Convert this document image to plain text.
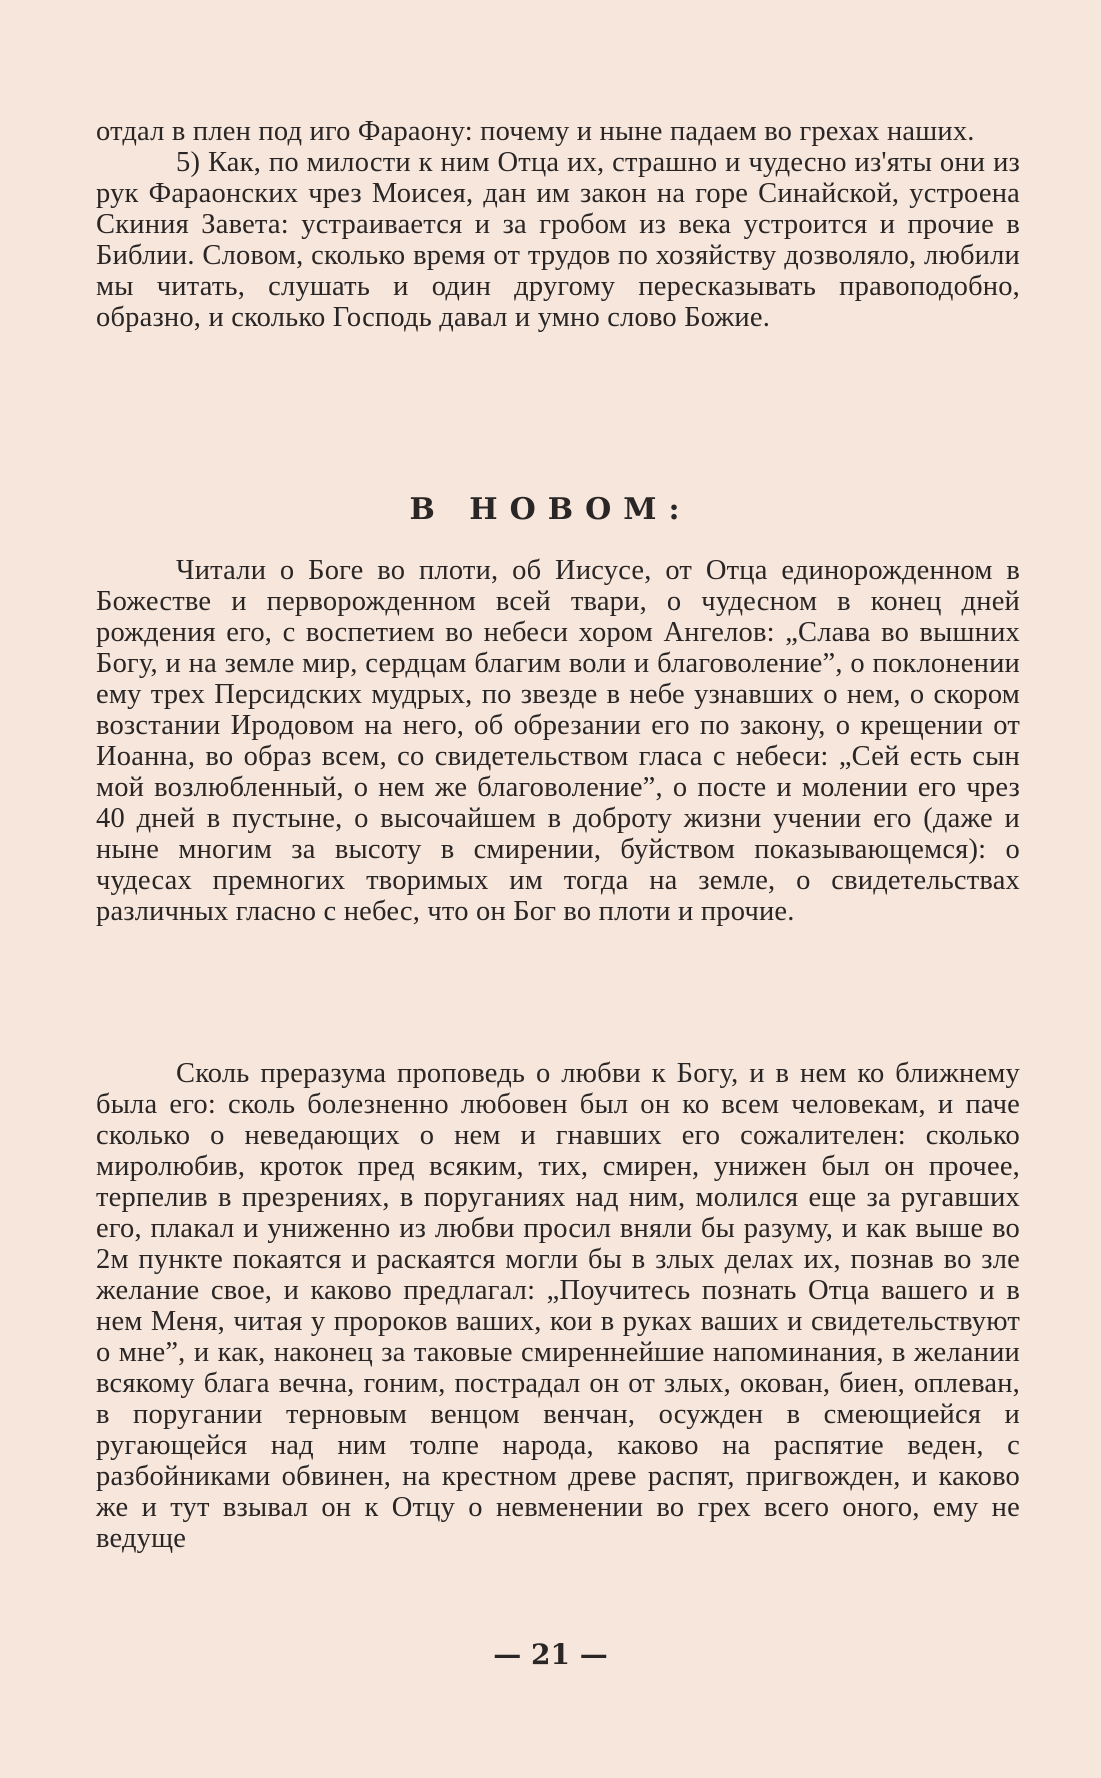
отдал в плен под иго Фараону: почему и ныне падаем во грехах наших.

5) Как, по милости к ним Отца их, страшно и чудесно из'яты они из рук Фараонских чрез Моисея, дан им закон на горе Синайской, устроена Скиния Завета: устраивается и за гробом из века устроится и прочие в Библии. Словом, сколько время от трудов по хозяйству дозволяло, любили мы читать, слушать и один другому пересказывать правоподобно, образно, и сколько Господь давал и умно слово Божие.

В НОВОМ:

Читали о Боге во плоти, об Иисусе, от Отца единорожденном в Божестве и перворожденном всей твари, о чудесном в конец дней рождения его, с воспетием во небеси хором Ангелов: „Слава во вышних Богу, и на земле мир, сердцам благим воли и благоволение”, о поклонении ему трех Персидских мудрых, по звезде в небе узнавших о нем, о скором возстании Иродовом на него, об обрезании его по закону, о крещении от Иоанна, во образ всем, со свидетельством гласа с небеси: „Сей есть сын мой возлюбленный, о нем же благоволение”, о посте и молении его чрез 40 дней в пустыне, о высочайшем в доброту жизни учении его (даже и ныне многим за высоту в смирении, буйством показывающемся): о чудесах премногих творимых им тогда на земле, о свидетельствах различных гласно с небес, что он Бог во плоти и прочие.

Сколь преразума проповедь о любви к Богу, и в нем ко ближнему была его: сколь болезненно любовен был он ко всем человекам, и паче сколько о неведающих о нем и гнавших его сожалителен: сколько миролюбив, кроток пред всяким, тих, смирен, унижен был он прочее, терпелив в презрениях, в поруганиях над ним, молился еще за ругавших его, плакал и униженно из любви просил вняли бы разуму, и как выше во 2м пункте покаятся и раскаятся могли бы в злых делах их, познав во зле желание свое, и каково предлагал: „Поучитесь познать Отца вашего и в нем Меня, читая у пророков ваших, кои в руках ваших и свидетельствуют о мне”, и как, наконец за таковые смиреннейшие напоминания, в желании всякому блага вечна, гоним, пострадал он от злых, окован, биен, оплеван, в поругании терновым венцом венчан, осужден в смеющиейся и ругающейся над ним толпе народа, каково на распятие веден, с разбойниками обвинен, на крестном древе распят, пригвожден, и каково же и тут взывал он к Отцу о невменении во грех всего оного, ему не ведуще

— 21 —
